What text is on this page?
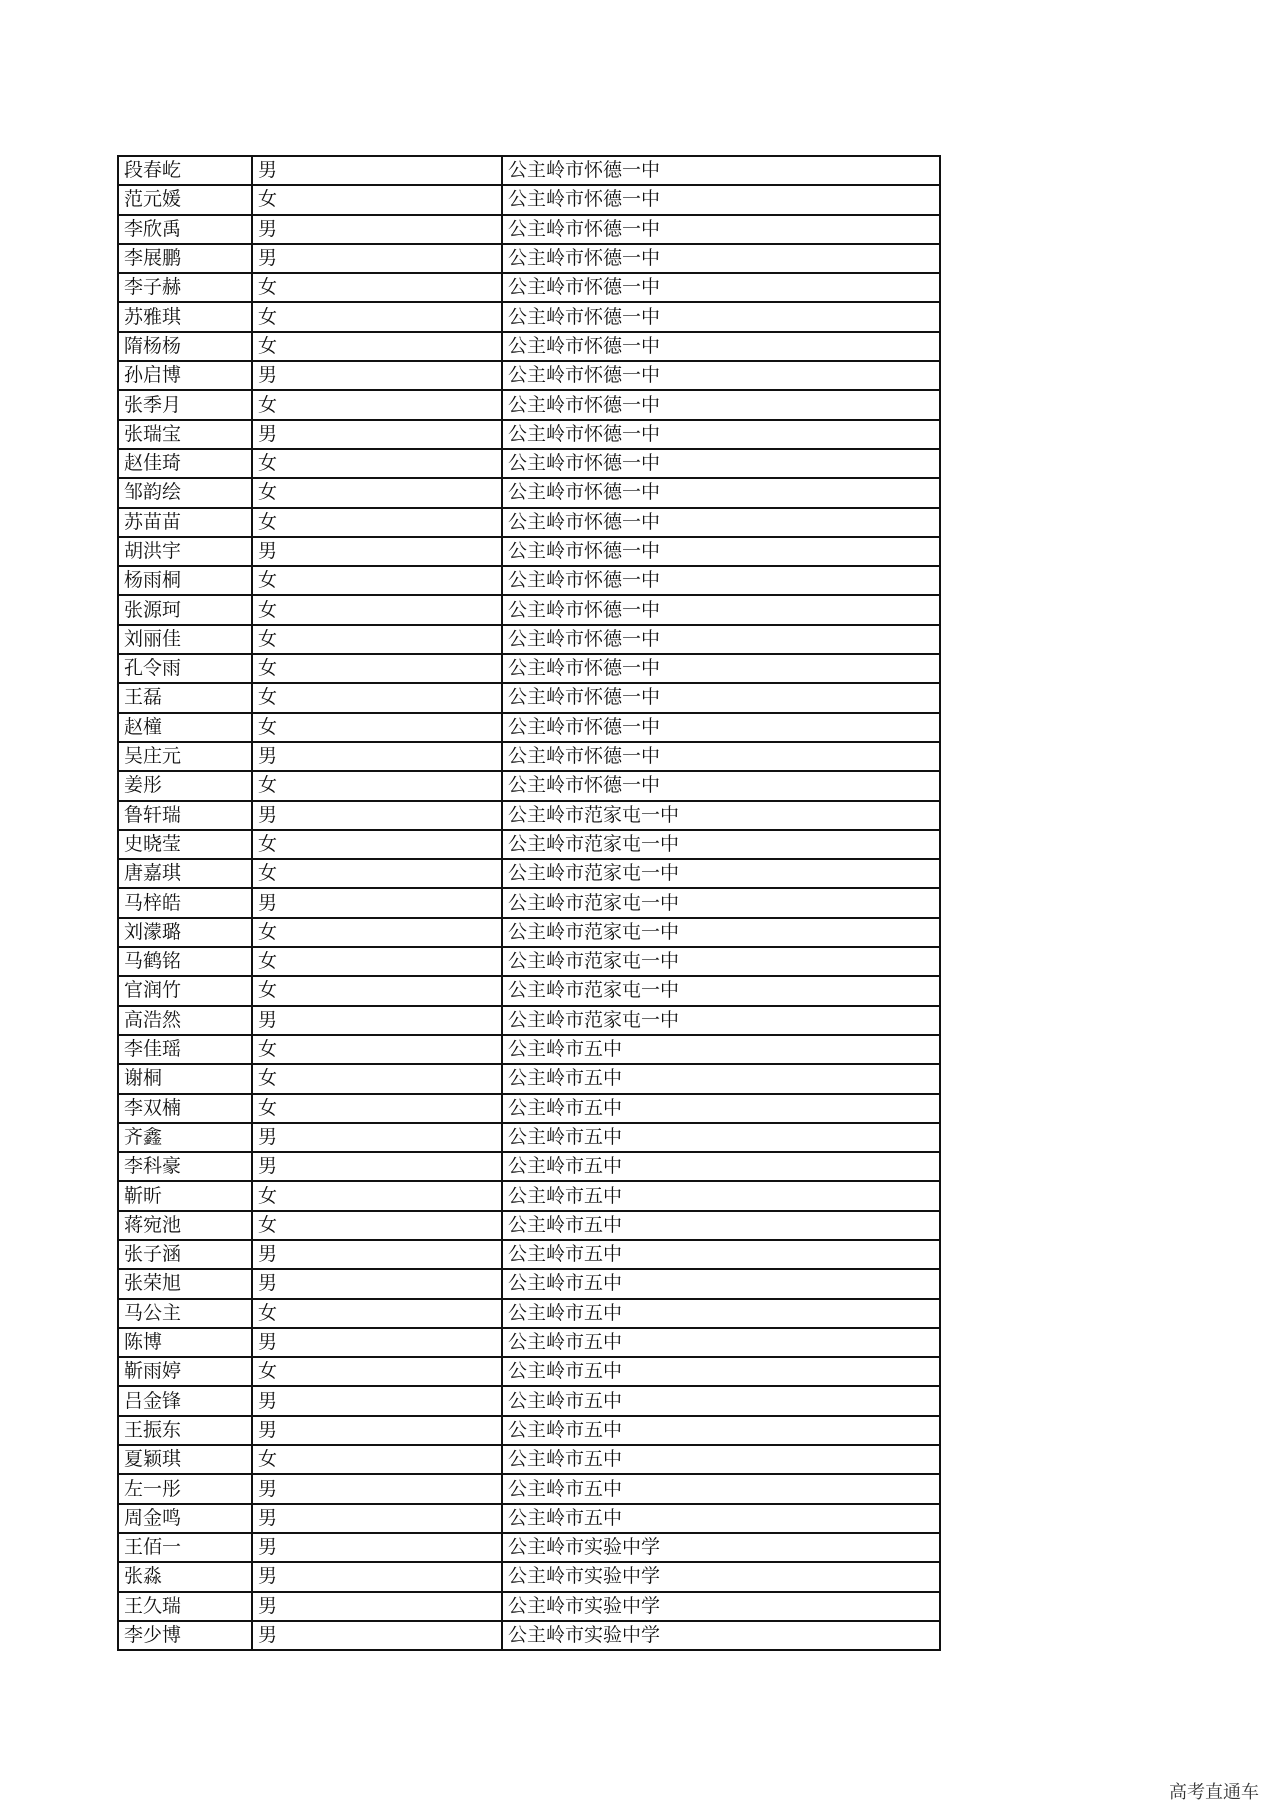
段春屹	男	公主岭市怀德一中
范元媛	女	公主岭市怀德一中
李欣禹	男	公主岭市怀德一中
李展鹏	男	公主岭市怀德一中
李子赫	女	公主岭市怀德一中
苏雅琪	女	公主岭市怀德一中
隋杨杨	女	公主岭市怀德一中
孙启博	男	公主岭市怀德一中
张季月	女	公主岭市怀德一中
张瑞宝	男	公主岭市怀德一中
赵佳琦	女	公主岭市怀德一中
邹韵绘	女	公主岭市怀德一中
苏苗苗	女	公主岭市怀德一中
胡洪宇	男	公主岭市怀德一中
杨雨桐	女	公主岭市怀德一中
张源珂	女	公主岭市怀德一中
刘丽佳	女	公主岭市怀德一中
孔令雨	女	公主岭市怀德一中
王磊	女	公主岭市怀德一中
赵橦	女	公主岭市怀德一中
吴庄元	男	公主岭市怀德一中
姜彤	女	公主岭市怀德一中
鲁轩瑞	男	公主岭市范家屯一中
史晓莹	女	公主岭市范家屯一中
唐嘉琪	女	公主岭市范家屯一中
马梓皓	男	公主岭市范家屯一中
刘濛璐	女	公主岭市范家屯一中
马鹤铭	女	公主岭市范家屯一中
官润竹	女	公主岭市范家屯一中
高浩然	男	公主岭市范家屯一中
李佳瑶	女	公主岭市五中
谢桐	女	公主岭市五中
李双楠	女	公主岭市五中
齐鑫	男	公主岭市五中
李科豪	男	公主岭市五中
靳昕	女	公主岭市五中
蒋宛池	女	公主岭市五中
张子涵	男	公主岭市五中
张荣旭	男	公主岭市五中
马公主	女	公主岭市五中
陈博	男	公主岭市五中
靳雨婷	女	公主岭市五中
吕金锋	男	公主岭市五中
王振东	男	公主岭市五中
夏颖琪	女	公主岭市五中
左一彤	男	公主岭市五中
周金鸣	男	公主岭市五中
王佰一	男	公主岭市实验中学
张淼	男	公主岭市实验中学
王久瑞	男	公主岭市实验中学
李少博	男	公主岭市实验中学
高考直通车
